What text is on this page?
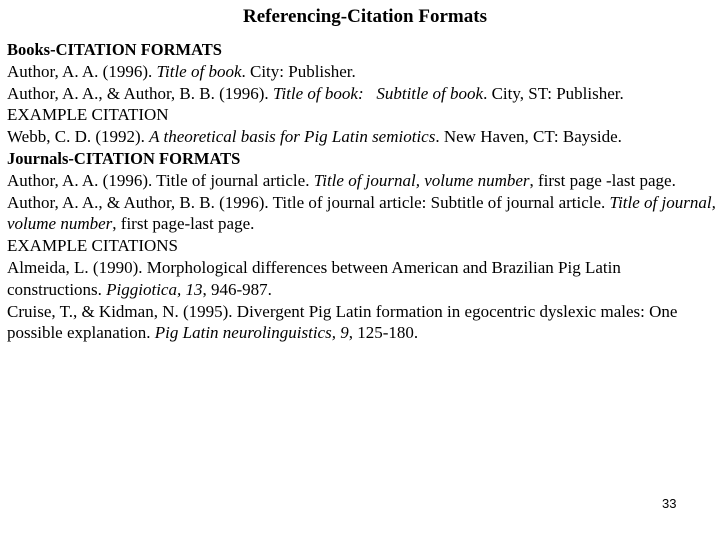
Referencing-Citation Formats
Books-CITATION FORMATS
Author, A. A. (1996). Title of book. City: Publisher.
Author, A. A., & Author, B. B. (1996). Title of book:   Subtitle of book. City, ST: Publisher.
EXAMPLE CITATION
Webb, C. D. (1992). A theoretical basis for Pig Latin semiotics. New Haven, CT: Bayside.
Journals-CITATION FORMATS
Author, A. A. (1996). Title of journal article. Title of journal, volume number, first page -last page.
Author, A. A., & Author, B. B. (1996). Title of journal article: Subtitle of journal article. Title of journal, volume number, first page-last page.
EXAMPLE CITATIONS
Almeida, L. (1990). Morphological differences between American and Brazilian Pig Latin constructions. Piggiotica, 13, 946-987.
Cruise, T., & Kidman, N. (1995). Divergent Pig Latin formation in egocentric dyslexic males: One possible explanation. Pig Latin neurolinguistics, 9, 125-180.
33
